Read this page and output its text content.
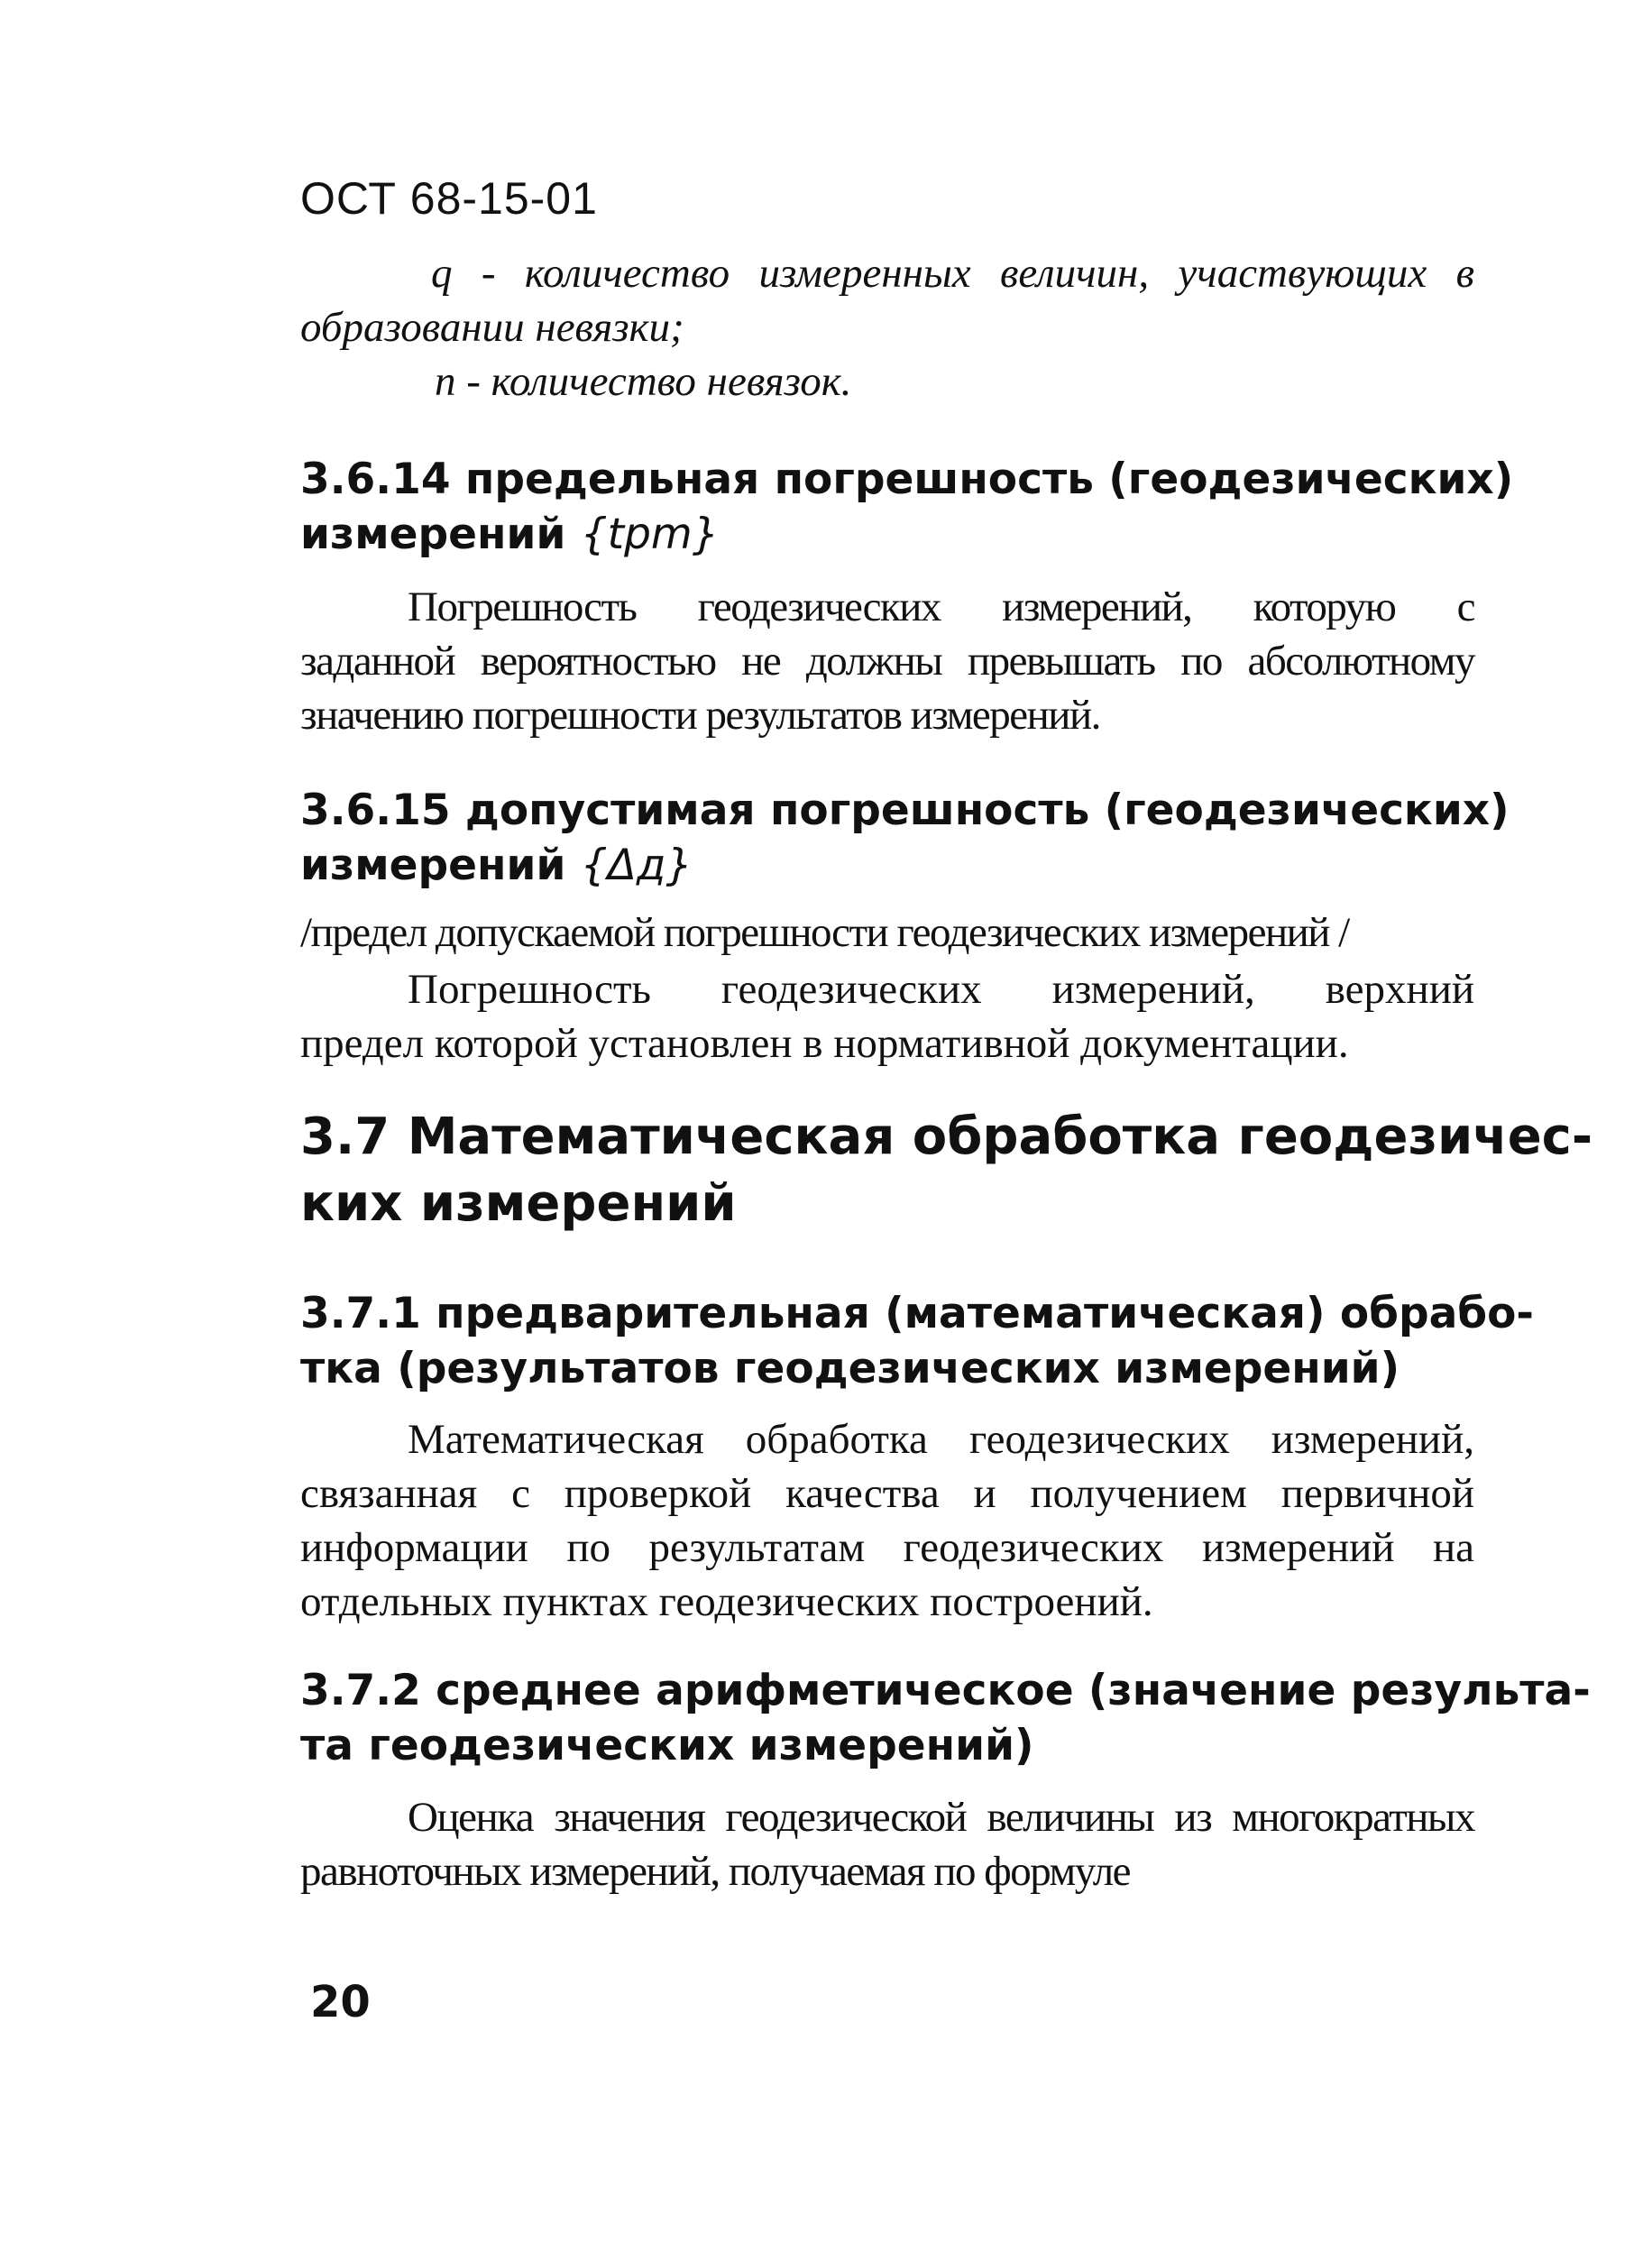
ОСТ 68-15-01
q - количество измеренных величин, участвующих в
образовании невязки;
n - количество невязок.
3.6.14 предельная погрешность (геодезических)
измерений {tpm}
Погрешность геодезических измерений, которую с
заданной вероятностью не должны превышать по абсолютному
значению погрешности результатов измерений.
3.6.15 допустимая погрешность (геодезических)
измерений {Δд}
/предел допускаемой погрешности геодезических измерений /
Погрешность геодезических измерений, верхний
предел которой установлен в нормативной документации.
3.7 Математическая обработка геодезичес-
ких измерений
3.7.1 предварительная (математическая) обрабо-
тка (результатов геодезических измерений)
Математическая обработка геодезических измерений,
связанная с проверкой качества и получением первичной
информации по результатам геодезических измерений на
отдельных пунктах геодезических построений.
3.7.2 среднее арифметическое (значение результа-
та геодезических измерений)
Оценка значения геодезической величины из многократных
равноточных измерений, получаемая по формуле
20
